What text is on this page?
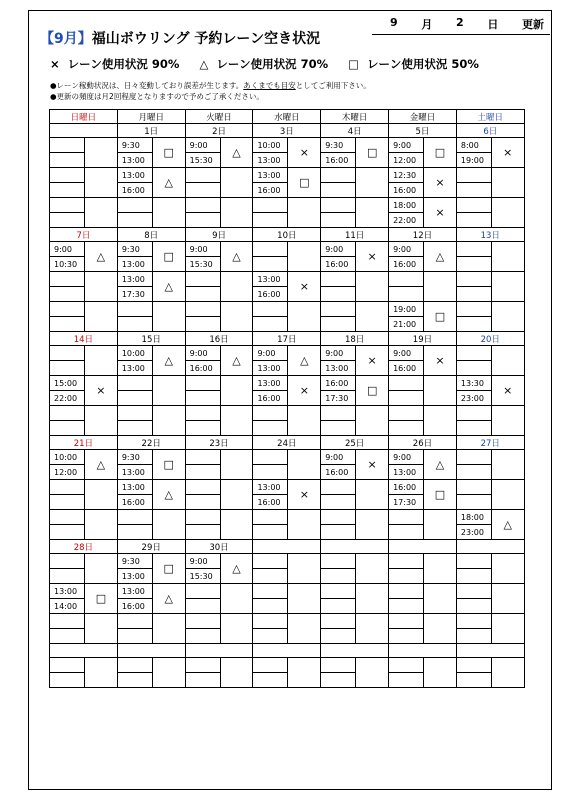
【9月】福山ボウリング 予約レーン空き状況
9 月 2 日 更新
× レーン使用状況 90% △ レーン使用状況 70% □ レーン使用状況 50%
●レーン稼動状況は、日々変動しており誤差が生じます。あくまでも目安としてご利用下さい。
●更新の頻度は月2回程度となりますので予めご了承ください。
日曜日		月曜日		火曜日		水曜日		木曜日		金曜日		土曜日	
		1日		2日		3日		4日		5日		6日	
		9:30	□	9:00	△	10:00	×	9:30	□	9:00	□	8:00	×
		13:00		15:30		13:00		16:00		12:00		19:00	
		13:00	△			13:00	□			12:30	×		
		16:00				16:00				16:00			
										18:00	×		
										22:00			
7日		8日		9日		10日		11日		12日		13日	
9:00	△	9:30	□	9:00	△			9:00	×	9:00	△		
10:30		13:00		15:30				16:00		16:00			
		13:00	△			13:00	×						
		17:30				16:00							
										19:00	□		
										21:00			
14日		15日		16日		17日		18日		19日		20日	
		10:00	△	9:00	△	9:00	△	9:00	×	9:00	×		
		13:00		16:00		13:00		13:00		16:00			
15:00	×					13:00	×	16:00	□			13:30	×
22:00						16:00		17:30				23:00	

21日		22日		23日		24日		25日		26日		27日	
10:00	△	9:30	□					9:00	×	9:00	△		
12:00		13:00						16:00		13:00			
		13:00	△			13:00	×			16:00	□		
		16:00				16:00				17:30			
												18:00	△
												23:00	
28日		29日		30日									
		9:30	□	9:00	△								
		13:00		15:30									
13:00	□	13:00	△										
14:00		16:00											
